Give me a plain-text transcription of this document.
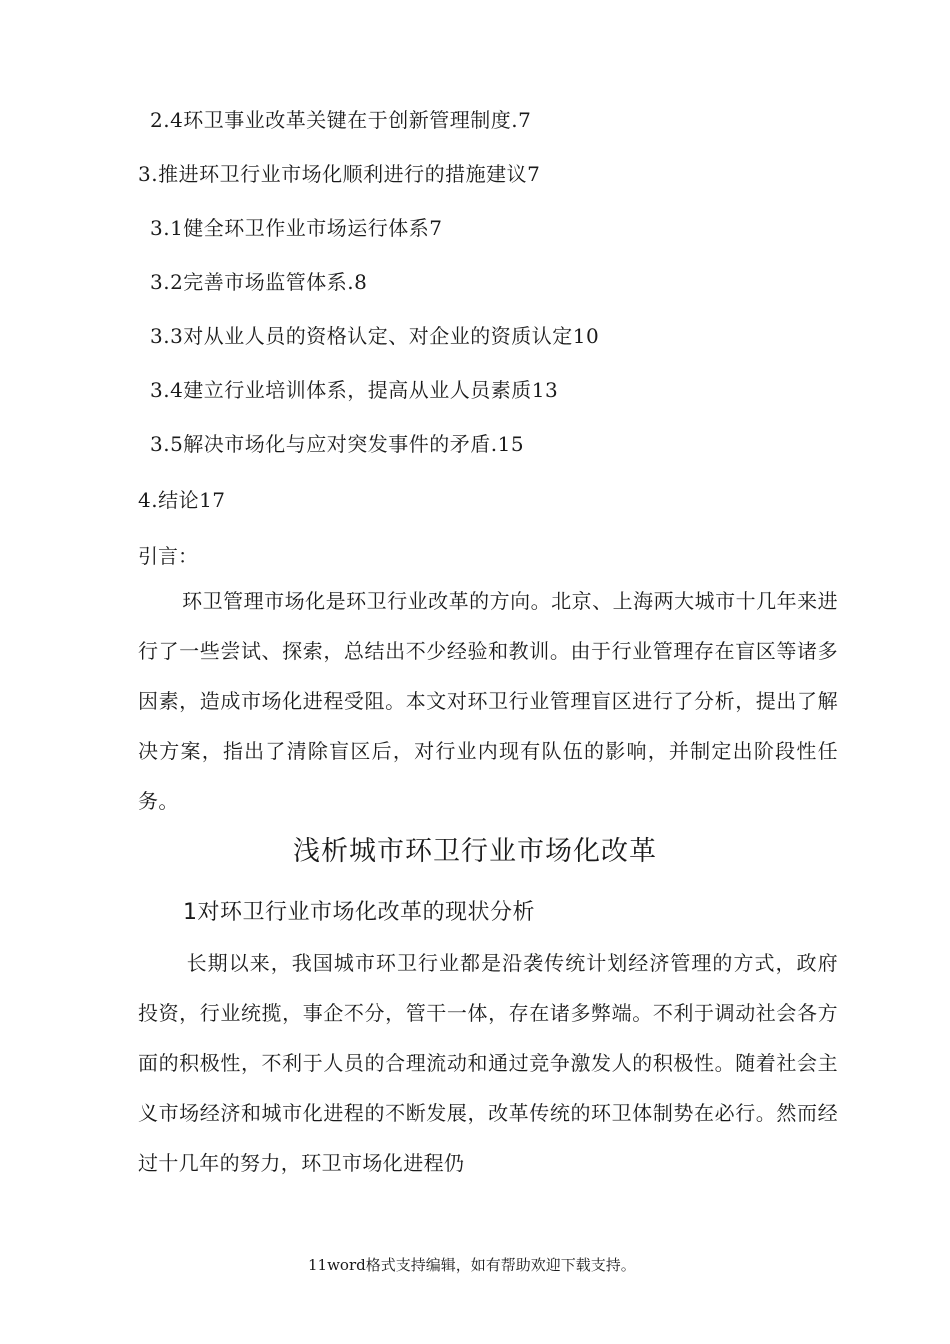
2.4环卫事业改革关键在于创新管理制度.7
3.推进环卫行业市场化顺利进行的措施建议7
3.1健全环卫作业市场运行体系7
3.2完善市场监管体系.8
3.3对从业人员的资格认定、对企业的资质认定10
3.4建立行业培训体系，提高从业人员素质13
3.5解决市场化与应对突发事件的矛盾.15
4.结论17
引言：
环卫管理市场化是环卫行业改革的方向。北京、上海两大城市十几年来进行了一些尝试、探索，总结出不少经验和教训。由于行业管理存在盲区等诸多因素，造成市场化进程受阻。本文对环卫行业管理盲区进行了分析，提出了解决方案，指出了清除盲区后，对行业内现有队伍的影响，并制定出阶段性任务。
浅析城市环卫行业市场化改革
1对环卫行业市场化改革的现状分析
长期以来，我国城市环卫行业都是沿袭传统计划经济管理的方式，政府投资，行业统揽，事企不分，管干一体，存在诸多弊端。不利于调动社会各方面的积极性，不利于人员的合理流动和通过竞争激发人的积极性。随着社会主义市场经济和城市化进程的不断发展，改革传统的环卫体制势在必行。然而经过十几年的努力，环卫市场化进程仍
11word格式支持编辑，如有帮助欢迎下载支持。
